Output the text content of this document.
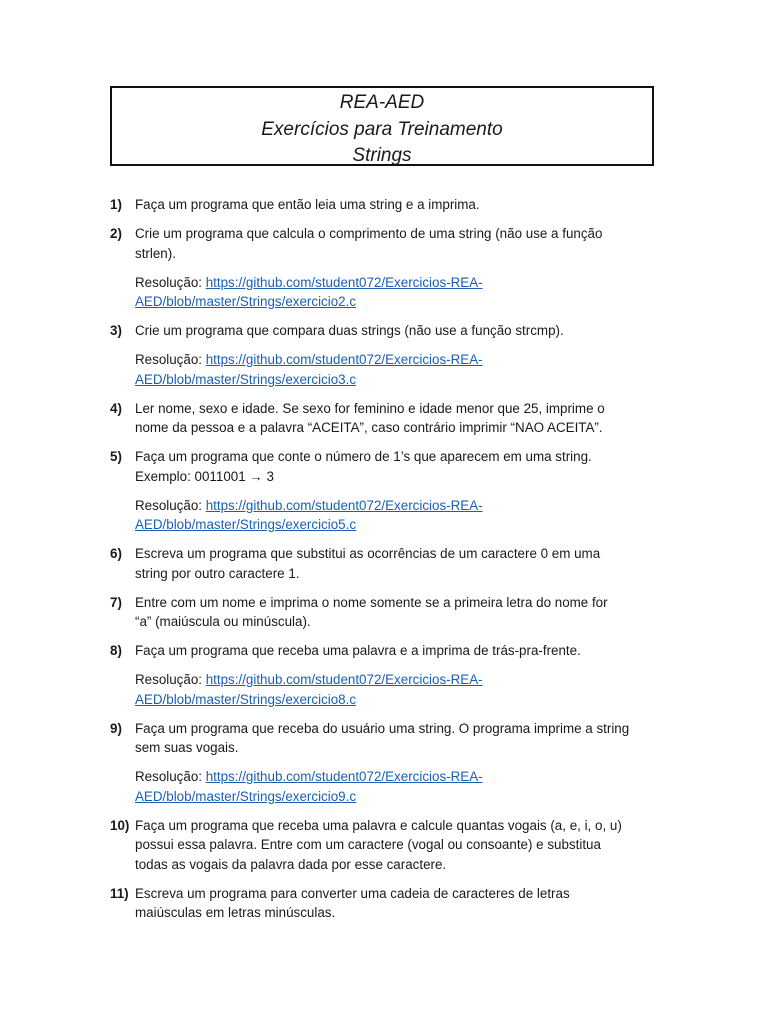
REA-AED
Exercícios para Treinamento
Strings
1) Faça um programa que então leia uma string e a imprima.
2) Crie um programa que calcula o comprimento de uma string (não use a função
strlen).
Resolução: https://github.com/student072/Exercicios-REA-
AED/blob/master/Strings/exercicio2.c
3) Crie um programa que compara duas strings (não use a função strcmp).
Resolução: https://github.com/student072/Exercicios-REA-
AED/blob/master/Strings/exercicio3.c
4) Ler nome, sexo e idade. Se sexo for feminino e idade menor que 25, imprime o
nome da pessoa e a palavra “ACEITA”, caso contrário imprimir “NAO ACEITA”.
5) Faça um programa que conte o número de 1’s que aparecem em uma string.
Exemplo: 0011001 → 3
Resolução: https://github.com/student072/Exercicios-REA-
AED/blob/master/Strings/exercicio5.c
6) Escreva um programa que substitui as ocorrências de um caractere 0 em uma
string por outro caractere 1.
7) Entre com um nome e imprima o nome somente se a primeira letra do nome for
“a” (maiúscula ou minúscula).
8) Faça um programa que receba uma palavra e a imprima de trás-pra-frente.
Resolução: https://github.com/student072/Exercicios-REA-
AED/blob/master/Strings/exercicio8.c
9) Faça um programa que receba do usuário uma string. O programa imprime a string
sem suas vogais.
Resolução: https://github.com/student072/Exercicios-REA-
AED/blob/master/Strings/exercicio9.c
10) Faça um programa que receba uma palavra e calcule quantas vogais (a, e, i, o, u)
possui essa palavra. Entre com um caractere (vogal ou consoante) e substitua
todas as vogais da palavra dada por esse caractere.
11) Escreva um programa para converter uma cadeia de caracteres de letras
maiúsculas em letras minúsculas.
